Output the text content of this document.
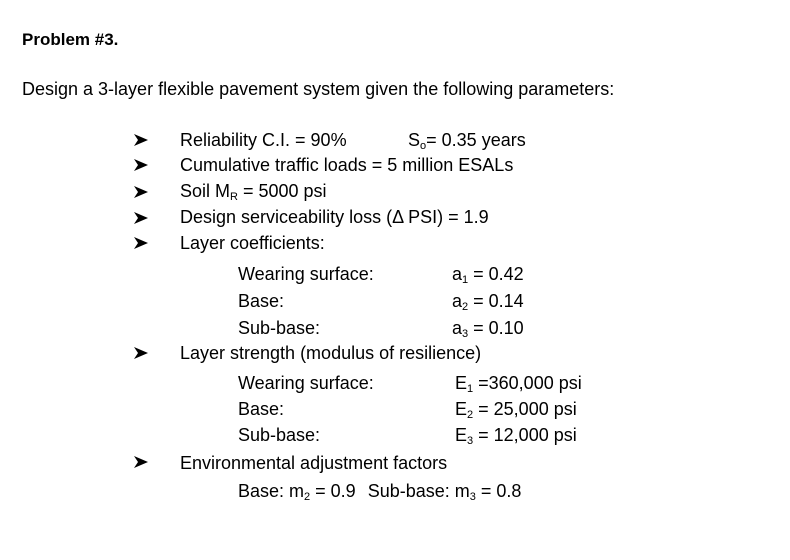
Problem #3.
Design a 3-layer flexible pavement system given the following parameters:
Reliability C.I. = 90%	$S_o= 0.35$ years
Cumulative traffic loads = 5 million ESALs
Soil $M_R = 5000$ psi
Design serviceability loss (Δ PSI) = 1.9
Layer coefficients:
Wearing surface:	$a_1 = 0.42$
Base:	$a_2 = 0.14$
Sub-base:	$a_3 = 0.10$
Layer strength (modulus of resilience)
Wearing surface:	$E_1 =360,000$ psi
Base:	$E_2 = 25,000$ psi
Sub-base:	$E_3 = 12,000$ psi
Environmental adjustment factors
Base: $m_2 = 0.9$ Sub-base: $m_3 = 0.8$
